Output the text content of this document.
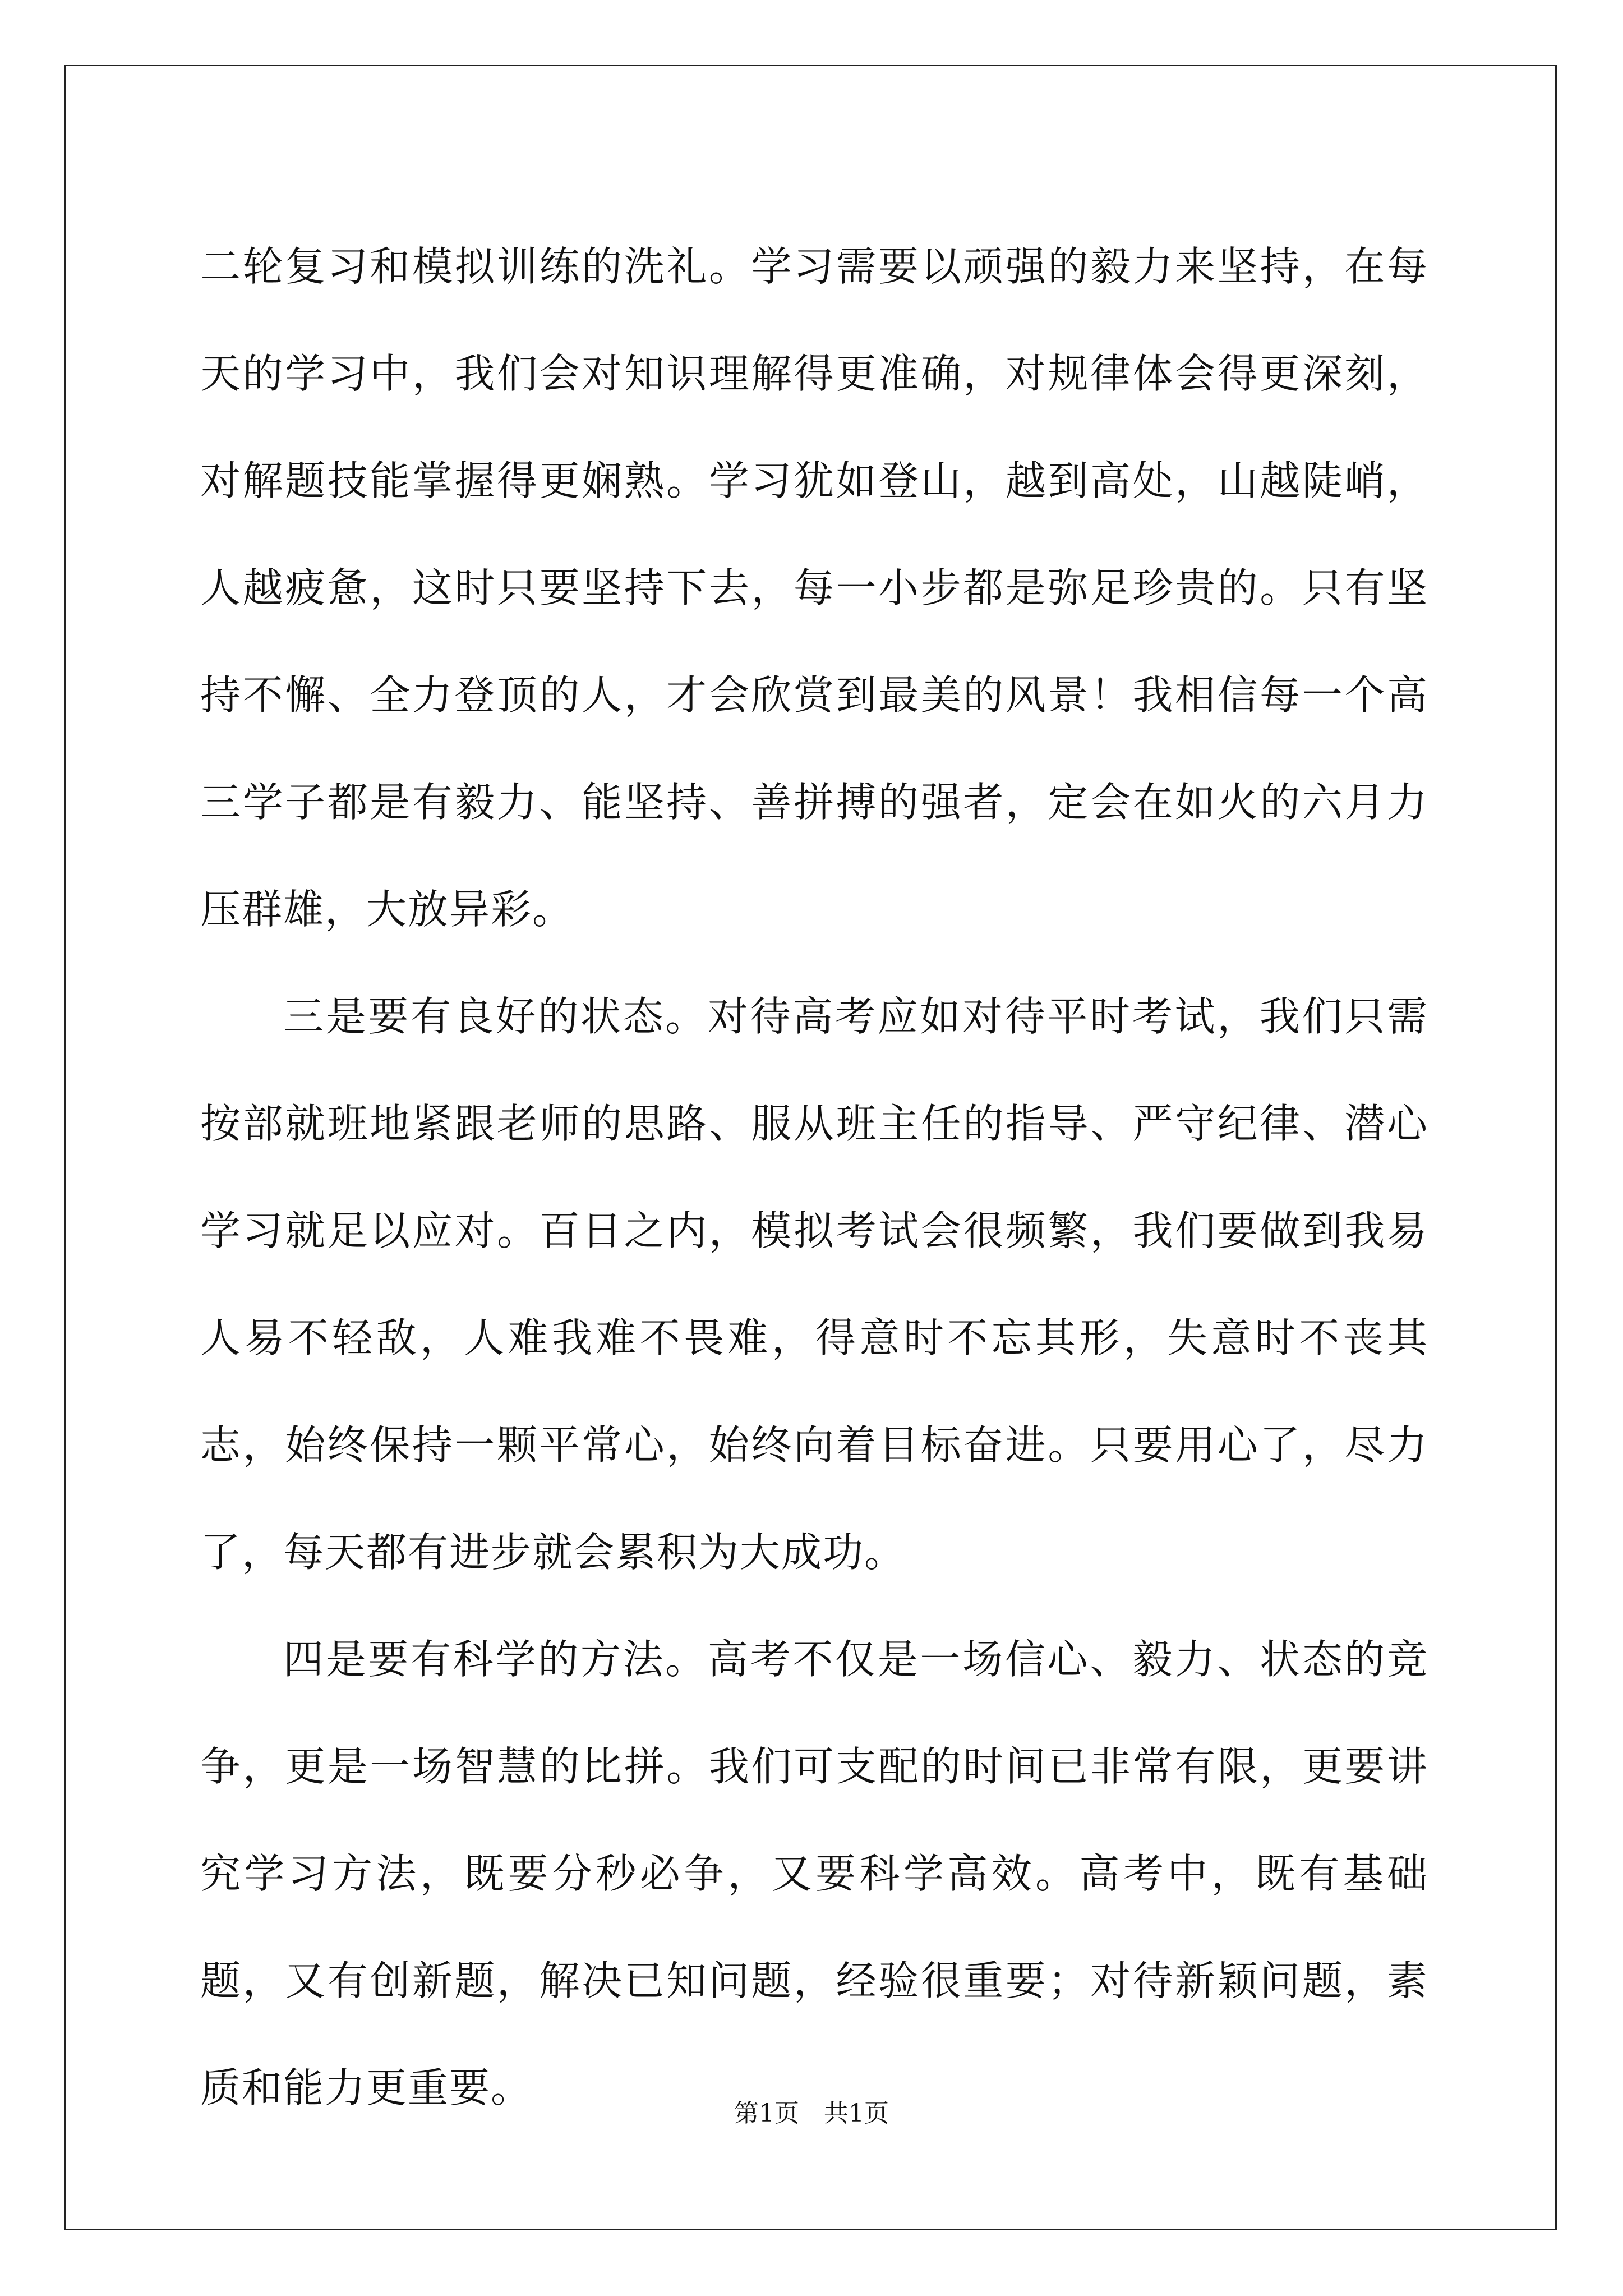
二轮复习和模拟训练的洗礼。学习需要以顽强的毅力来坚持，在每天的学习中，我们会对知识理解得更准确，对规律体会得更深刻，对解题技能掌握得更娴熟。学习犹如登山，越到高处，山越陡峭，人越疲惫，这时只要坚持下去，每一小步都是弥足珍贵的。只有坚持不懈、全力登顶的人，才会欣赏到最美的风景！我相信每一个高三学子都是有毅力、能坚持、善拼搏的强者，定会在如火的六月力压群雄，大放异彩。

三是要有良好的状态。对待高考应如对待平时考试，我们只需按部就班地紧跟老师的思路、服从班主任的指导、严守纪律、潜心学习就足以应对。百日之内，模拟考试会很频繁，我们要做到我易人易不轻敌，人难我难不畏难，得意时不忘其形，失意时不丧其志，始终保持一颗平常心，始终向着目标奋进。只要用心了，尽力了，每天都有进步就会累积为大成功。

四是要有科学的方法。高考不仅是一场信心、毅力、状态的竞争，更是一场智慧的比拼。我们可支配的时间已非常有限，更要讲究学习方法，既要分秒必争，又要科学高效。高考中，既有基础题，又有创新题，解决已知问题，经验很重要；对待新颖问题，素质和能力更重要。

第1页　共1页
